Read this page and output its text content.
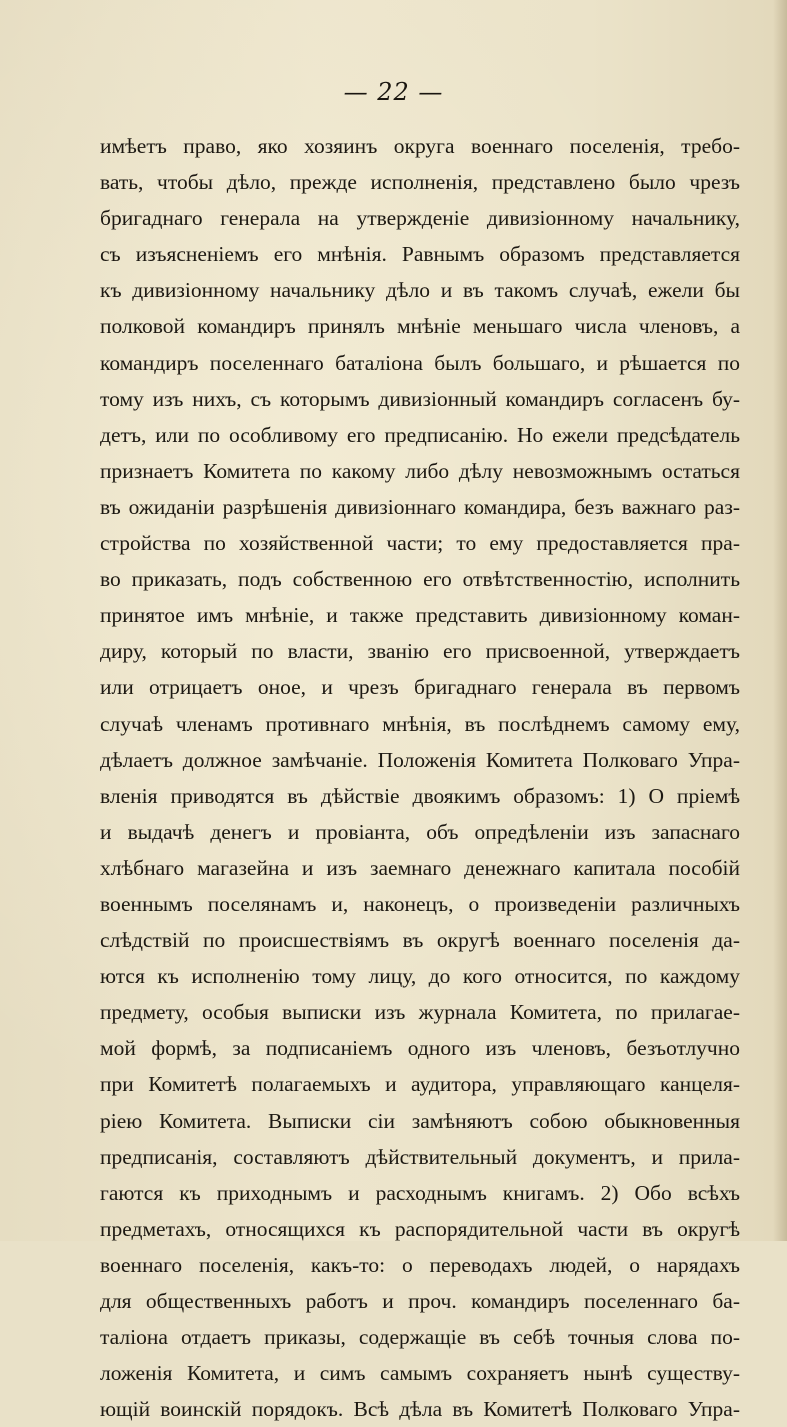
— 22 —
имѣетъ право, яко хозяинъ округа военнаго поселенія, требо-
вать, чтобы дѣло, прежде исполненія, представлено было чрезъ
бригаднаго генерала на утвержденіе дивизіонному начальнику,
съ изъясненіемъ его мнѣнія. Равнымъ образомъ представляется
къ дивизіонному начальнику дѣло и въ такомъ случаѣ, ежели бы
полковой командиръ принялъ мнѣніе меньшаго числа членовъ, а
командиръ поселеннаго баталіона былъ большаго, и рѣшается по
тому изъ нихъ, съ которымъ дивизіонный командиръ согласенъ бу-
детъ, или по особливому его предписанію. Но ежели предсѣдатель
признаетъ Комитета по какому либо дѣлу невозможнымъ остаться
въ ожиданіи разрѣшенія дивизіоннаго командира, безъ важнаго раз-
стройства по хозяйственной части; то ему предоставляется пра-
во приказать, подъ собственною его отвѣтственностію, исполнить
принятое имъ мнѣніе, и также представить дивизіонному коман-
диру, который по власти, званію его присвоенной, утверждаетъ
или отрицаетъ оное, и чрезъ бригаднаго генерала въ первомъ
случаѣ членамъ противнаго мнѣнія, въ послѣднемъ самому ему,
дѣлаетъ должное замѣчаніе. Положенія Комитета Полковаго Упра-
вленія приводятся въ дѣйствіе двоякимъ образомъ: 1) О пріемѣ
и выдачѣ денегъ и провіанта, объ опредѣленіи изъ запаснаго
хлѣбнаго магазейна и изъ заемнаго денежнаго капитала пособій
военнымъ поселянамъ и, наконецъ, о произведеніи различныхъ
слѣдствій по происшествіямъ въ округѣ военнаго поселенія да-
ются къ исполненію тому лицу, до кого относится, по каждому
предмету, особыя выписки изъ журнала Комитета, по прилагае-
мой формѣ, за подписаніемъ одного изъ членовъ, безъотлучно
при Комитетѣ полагаемыхъ и аудитора, управляющаго канцеля-
ріею Комитета. Выписки сіи замѣняютъ собою обыкновенныя
предписанія, составляютъ дѣйствительный документъ, и прила-
гаются къ приходнымъ и расходнымъ книгамъ. 2) Обо всѣхъ
предметахъ, относящихся къ распорядительной части въ округѣ
военнаго поселенія, какъ-то: о переводахъ людей, о нарядахъ
для общественныхъ работъ и проч. командиръ поселеннаго ба-
таліона отдаетъ приказы, содержащіе въ себѣ точныя слова по-
ложенія Комитета, и симъ самымъ сохраняетъ нынѣ существу-
ющій воинскій порядокъ. Всѣ дѣла въ Комитетѣ Полковаго Упра-
